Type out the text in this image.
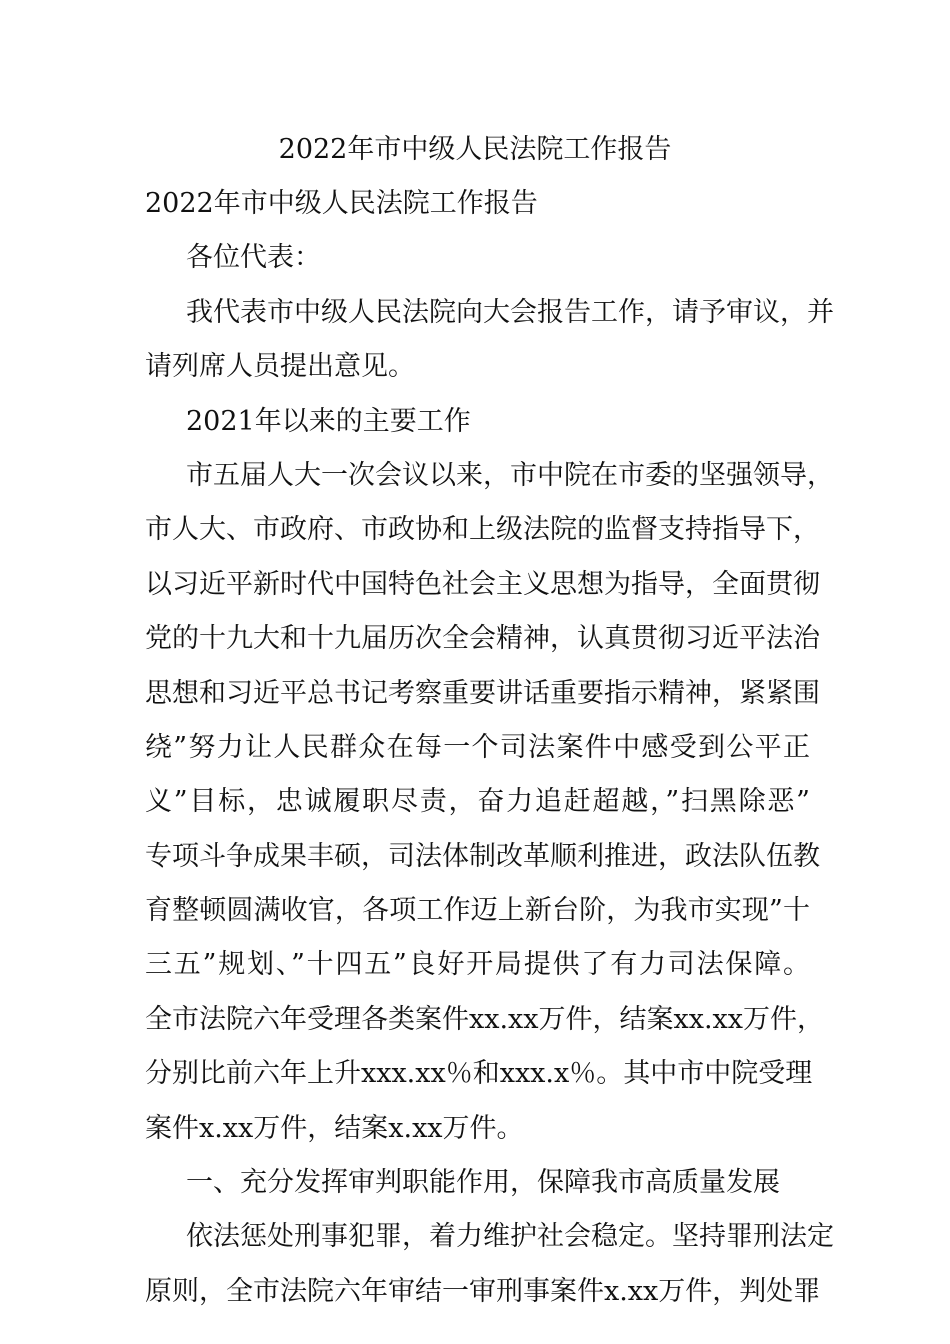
2022年市中级人民法院工作报告
2022年市中级人民法院工作报告
各位代表：
我代表市中级人民法院向大会报告工作，请予审议，并
请列席人员提出意见。
2021年以来的主要工作
市五届人大一次会议以来，市中院在市委的坚强领导，
市人大、市政府、市政协和上级法院的监督支持指导下，
以习近平新时代中国特色社会主义思想为指导，全面贯彻
党的十九大和十九届历次全会精神，认真贯彻习近平法治
思想和习近平总书记考察重要讲话重要指示精神，紧紧围
绕”努力让人民群众在每一个司法案件中感受到公平正
义”目标，忠诚履职尽责，奋力追赶超越，”扫黑除恶”
专项斗争成果丰硕，司法体制改革顺利推进，政法队伍教
育整顿圆满收官，各项工作迈上新台阶，为我市实现”十
三五”规划、”十四五”良好开局提供了有力司法保障。
全市法院六年受理各类案件xx.xx万件，结案xx.xx万件，
分别比前六年上升xxx.xx％和xxx.x％。其中市中院受理
案件x.xx万件，结案x.xx万件。
一、充分发挥审判职能作用，保障我市高质量发展
依法惩处刑事犯罪，着力维护社会稳定。坚持罪刑法定
原则，全市法院六年审结一审刑事案件x.xx万件，判处罪
